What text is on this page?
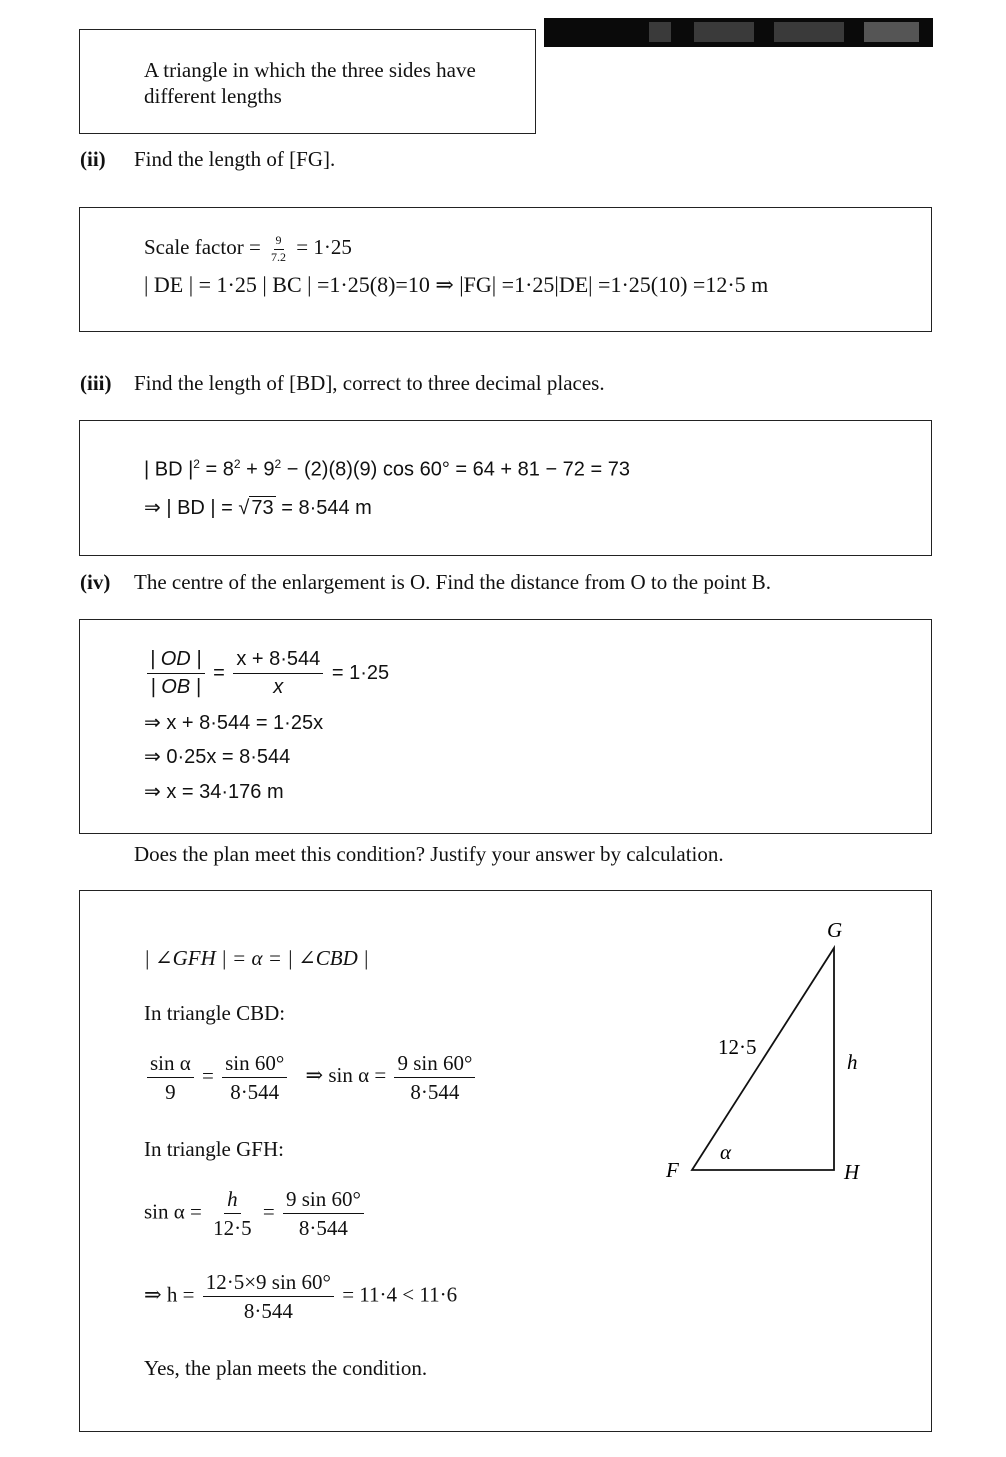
A triangle in which the three sides have
different lengths
(ii) Find the length of [FG].
Scale factor = $\frac{9}{7.2} = 1\cdot 25$
| DE | = 1·25 | BC | =1·25(8)=10 ⇒ |FG| =1·25|DE| =1·25(10) =12·5 m
(iii) Find the length of [BD], correct to three decimal places.
| BD $|^2 = 8^2 + 9^2 - (2)(8)(9)$ cos 60° = 64 + 81 − 72 = 73
⇒ | BD | = √ 73 = 8·544 m
(iv) The centre of the enlargement is O. Find the distance from O to the point B.
$\frac{| OD |}{| OB |} = \frac{x + 8\cdot 544}{x} = 1\cdot 25$
⇒ x + 8·544 = 1·25x
⇒ 0·25x = 8·544
⇒ x = 34·176 m
Does the plan meet this condition? Justify your answer by calculation.
| ∠GFH | = α = | ∠CBD |
In triangle CBD:
$\frac{\text{sin α}}{9} = \frac{\sin 60^\circ}{8\cdot 544}$ ⇒ $\sin \alpha = \frac{9 \sin 60^\circ}{8\cdot 544}$
In triangle GFH:
$\sin \alpha = \frac{h}{12\cdot 5} = \frac{9 \sin 60^\circ}{8\cdot 544}$
⇒ $h = \frac{12\cdot 5\times 9 \sin 60^\circ}{8\cdot 544} = 11\cdot 4 < 11\cdot 6$
Yes, the plan meets the condition.
G
F	H
h
12·5
α
